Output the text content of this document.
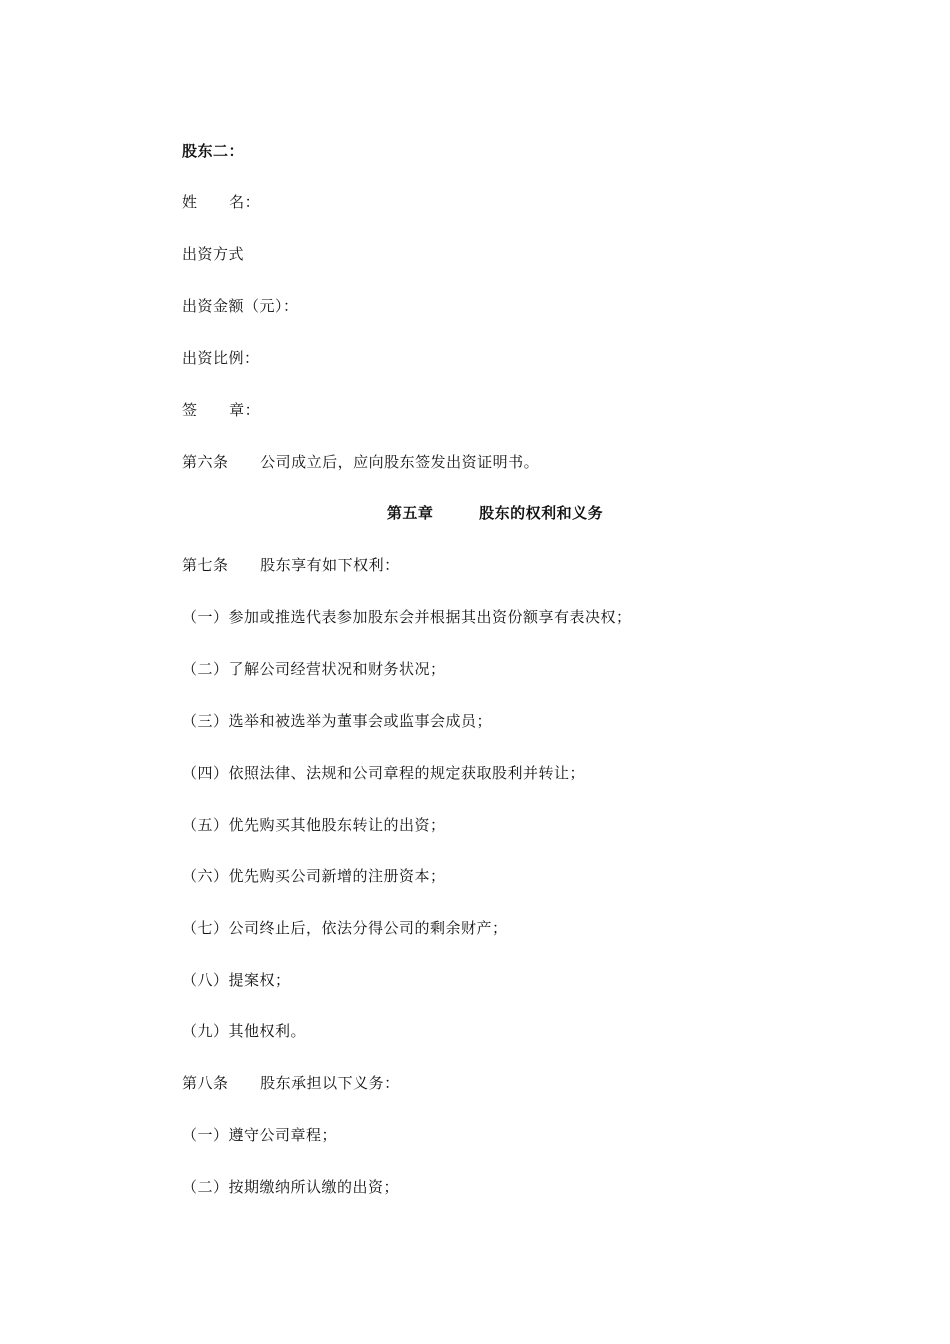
股东二：
姓      名：
出资方式
出资金额（元）：
出资比例：
签      章：
第六条      公司成立后，应向股东签发出资证明书。
第五章        股东的权利和义务
第七条      股东享有如下权利：
（一）参加或推选代表参加股东会并根据其出资份额享有表决权；
（二）了解公司经营状况和财务状况；
（三）选举和被选举为董事会或监事会成员；
（四）依照法律、法规和公司章程的规定获取股利并转让；
（五）优先购买其他股东转让的出资；
（六）优先购买公司新增的注册资本；
（七）公司终止后，依法分得公司的剩余财产；
（八）提案权；
（九）其他权利。
第八条      股东承担以下义务：
（一）遵守公司章程；
（二）按期缴纳所认缴的出资；
